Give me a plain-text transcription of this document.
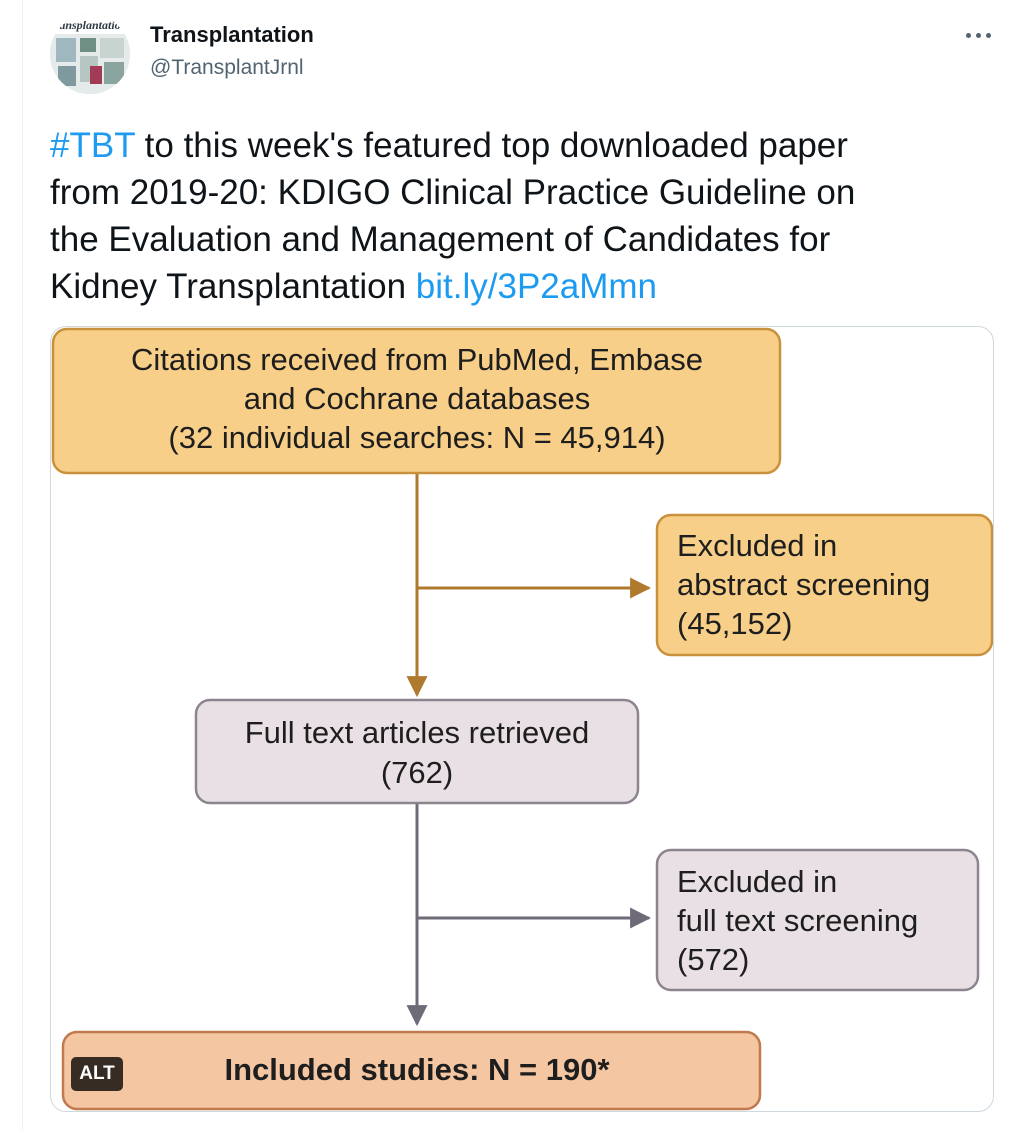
ansplantatio Transplantation
@TransplantJrnl
#TBT to this week's featured top downloaded paper
from 2019-20: KDIGO Clinical Practice Guideline on
the Evaluation and Management of Candidates for
Kidney Transplantation bit.ly/3P2aMmn
Citations received from PubMed, Embase
and Cochrane databases
(32 individual searches: N = 45,914)
Excluded in
abstract screening
(45,152)
Full text articles retrieved
(762)
Excluded in
full text screening
(572)
Included studies: N = 190*
ALT
